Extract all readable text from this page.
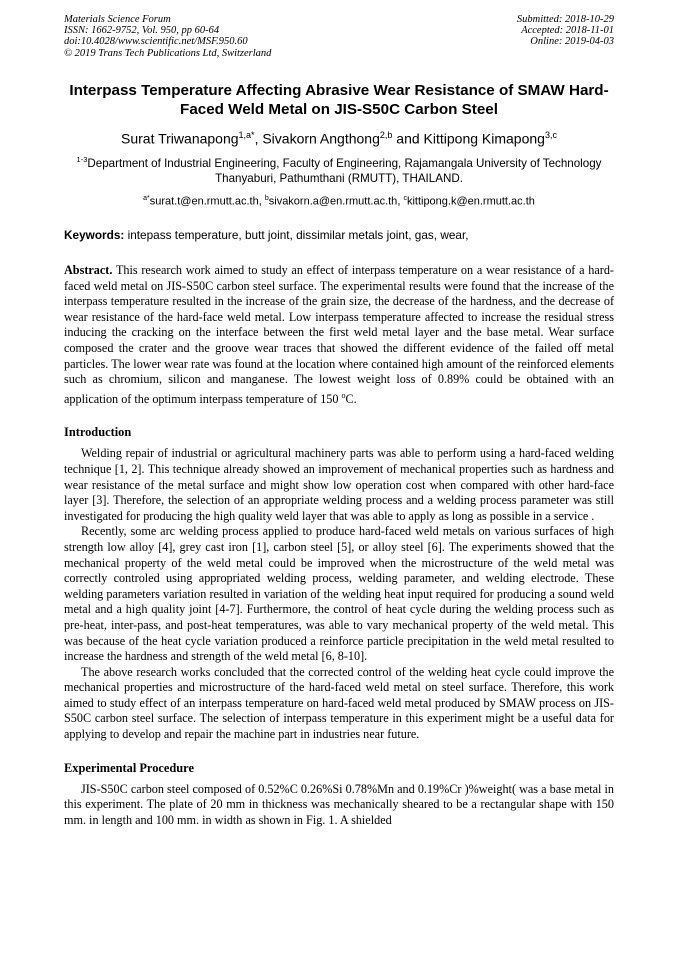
Materials Science Forum
ISSN: 1662-9752, Vol. 950, pp 60-64
doi:10.4028/www.scientific.net/MSF.950.60
© 2019 Trans Tech Publications Ltd, Switzerland
Submitted: 2018-10-29
Accepted: 2018-11-01
Online: 2019-04-03
Interpass Temperature Affecting Abrasive Wear Resistance of SMAW Hard-Faced Weld Metal on JIS-S50C Carbon Steel
Surat Triwanapong$^{1,a*}$, Sivakorn Angthong$^{2,b}$ and Kittipong Kimapong$^{3,c}$
$^{1-3}$Department of Industrial Engineering, Faculty of Engineering, Rajamangala University of Technology Thanyaburi, Pathumthani (RMUTT), THAILAND.
$^{a*}$surat.t@en.rmutt.ac.th, $^b$sivakorn.a@en.rmutt.ac.th, $^c$kittipong.k@en.rmutt.ac.th
Keywords: intepass temperature, butt joint, dissimilar metals joint, gas, wear,
Abstract. This research work aimed to study an effect of interpass temperature on a wear resistance of a hard-faced weld metal on JIS-S50C carbon steel surface. The experimental results were found that the increase of the interpass temperature resulted in the increase of the grain size, the decrease of the hardness, and the decrease of wear resistance of the hard-face weld metal. Low interpass temperature affected to increase the residual stress inducing the cracking on the interface between the first weld metal layer and the base metal. Wear surface composed the crater and the groove wear traces that showed the different evidence of the failed off metal particles. The lower wear rate was found at the location where contained high amount of the reinforced elements such as chromium, silicon and manganese. The lowest weight loss of 0.89% could be obtained with an application of the optimum interpass temperature of 150 $^o$C.
Introduction

Welding repair of industrial or agricultural machinery parts was able to perform using a hard-faced welding technique [1, 2]. This technique already showed an improvement of mechanical properties such as hardness and wear resistance of the metal surface and might show low operation cost when compared with other hard-face layer [3]. Therefore, the selection of an appropriate welding process and a welding process parameter was still investigated for producing the high quality weld layer that was able to apply as long as possible in a service .

Recently, some arc welding process applied to produce hard-faced weld metals on various surfaces of high strength low alloy [4], grey cast iron [1], carbon steel [5], or alloy steel [6]. The experiments showed that the mechanical property of the weld metal could be improved when the microstructure of the weld metal was correctly controled using appropriated welding process, welding parameter, and welding electrode. These welding parameters variation resulted in variation of the welding heat input required for producing a sound weld metal and a high quality joint [4-7]. Furthermore, the control of heat cycle during the welding process such as pre-heat, inter-pass, and post-heat temperatures, was able to vary mechanical property of the weld metal. This was because of the heat cycle variation produced a reinforce particle precipitation in the weld metal resulted to increase the hardness and strength of the weld metal [6, 8-10].

The above research works concluded that the corrected control of the welding heat cycle could improve the mechanical properties and microstructure of the hard-faced weld metal on steel surface. Therefore, this work aimed to study effect of an interpass temperature on hard-faced weld metal produced by SMAW process on JIS-S50C carbon steel surface. The selection of interpass temperature in this experiment might be a useful data for applying to develop and repair the machine part in industries near future.

Experimental Procedure

JIS-S50C carbon steel composed of 0.52%C 0.26%Si 0.78%Mn and 0.19%Cr )%weight( was a base metal in this experiment. The plate of 20 mm in thickness was mechanically sheared to be a rectangular shape with 150 mm. in length and 100 mm. in width as shown in Fig. 1. A shielded
